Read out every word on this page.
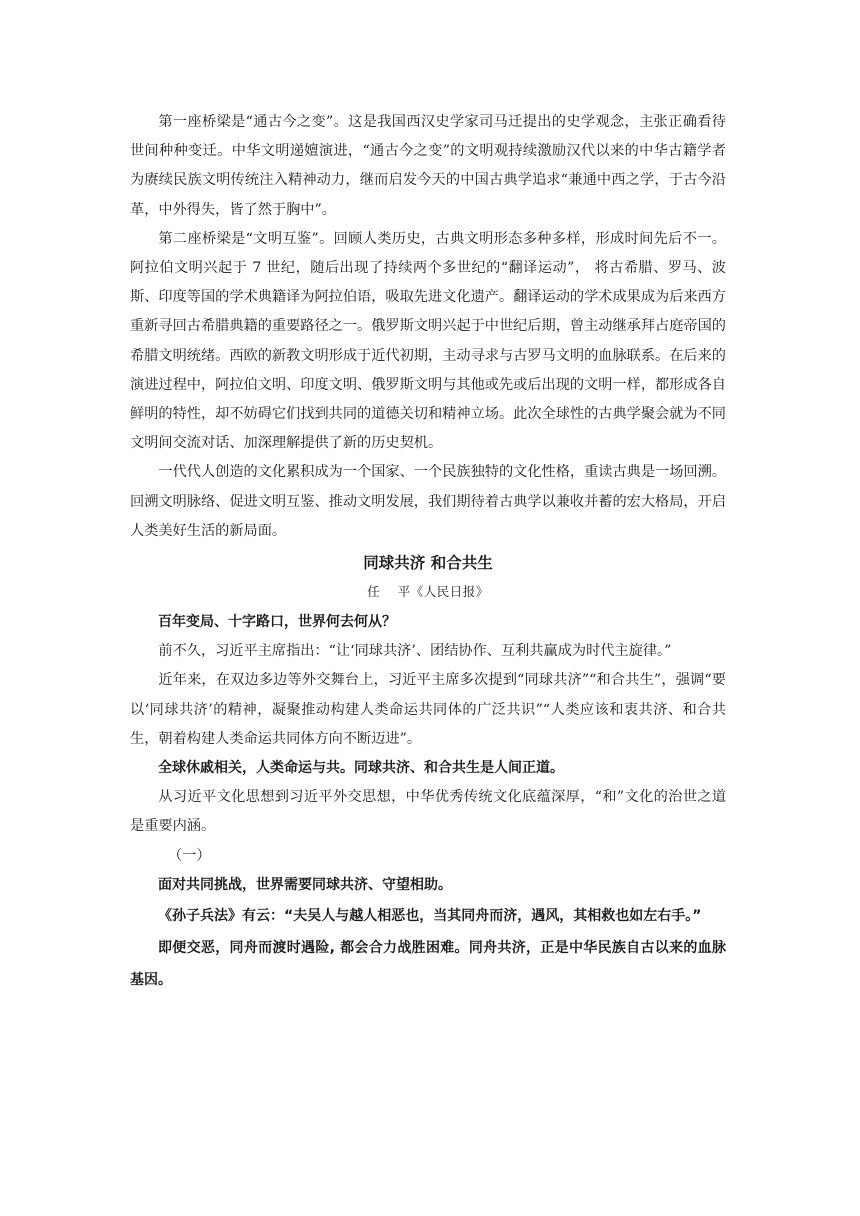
第一座桥梁是“通古今之变”。这是我国西汉史学家司马迁提出的史学观念，主张正确看待世间种种变迁。中华文明递嬗演进，“通古今之变”的文明观持续激励汉代以来的中华古籍学者为赓续民族文明传统注入精神动力，继而启发今天的中国古典学追求“兼通中西之学，于古今沿革，中外得失，皆了然于胸中”。

第二座桥梁是“文明互鉴”。回顾人类历史，古典文明形态多种多样，形成时间先后不一。阿拉伯文明兴起于 7 世纪，随后出现了持续两个多世纪的“翻译运动”， 将古希腊、罗马、波斯、印度等国的学术典籍译为阿拉伯语，吸取先进文化遗产。翻译运动的学术成果成为后来西方重新寻回古希腊典籍的重要路径之一。俄罗斯文明兴起于中世纪后期，曾主动继承拜占庭帝国的希腊文明统绪。西欧的新教文明形成于近代初期，主动寻求与古罗马文明的血脉联系。在后来的演进过程中，阿拉伯文明、印度文明、俄罗斯文明与其他或先或后出现的文明一样，都形成各自鲜明的特性，却不妨碍它们找到共同的道德关切和精神立场。此次全球性的古典学聚会就为不同文明间交流对话、加深理解提供了新的历史契机。

一代代人创造的文化累积成为一个国家、一个民族独特的文化性格，重读古典是一场回溯。回溯文明脉络、促进文明互鉴、推动文明发展，我们期待着古典学以兼收并蓄的宏大格局，开启人类美好生活的新局面。

同球共济 和合共生
任　 平《人民日报》

百年变局、十字路口，世界何去何从？

前不久，习近平主席指出：“让‘同球共济’、团结协作、互利共赢成为时代主旋律。”

近年来，在双边多边等外交舞台上，习近平主席多次提到“同球共济”“和合共生”，强调“要以‘同球共济’的精神，凝聚推动构建人类命运共同体的广泛共识”“人类应该和衷共济、和合共生，朝着构建人类命运共同体方向不断迈进”。

全球休戚相关，人类命运与共。同球共济、和合共生是人间正道。

从习近平文化思想到习近平外交思想，中华优秀传统文化底蕴深厚，“和”文化的治世之道是重要内涵。

（一）

面对共同挑战，世界需要同球共济、守望相助。

《孙子兵法》有云：“夫吴人与越人相恶也，当其同舟而济，遇风，其相救也如左右手。”

即便交恶，同舟而渡时遇险, 都会合力战胜困难。同舟共济，正是中华民族自古以来的血脉基因。
